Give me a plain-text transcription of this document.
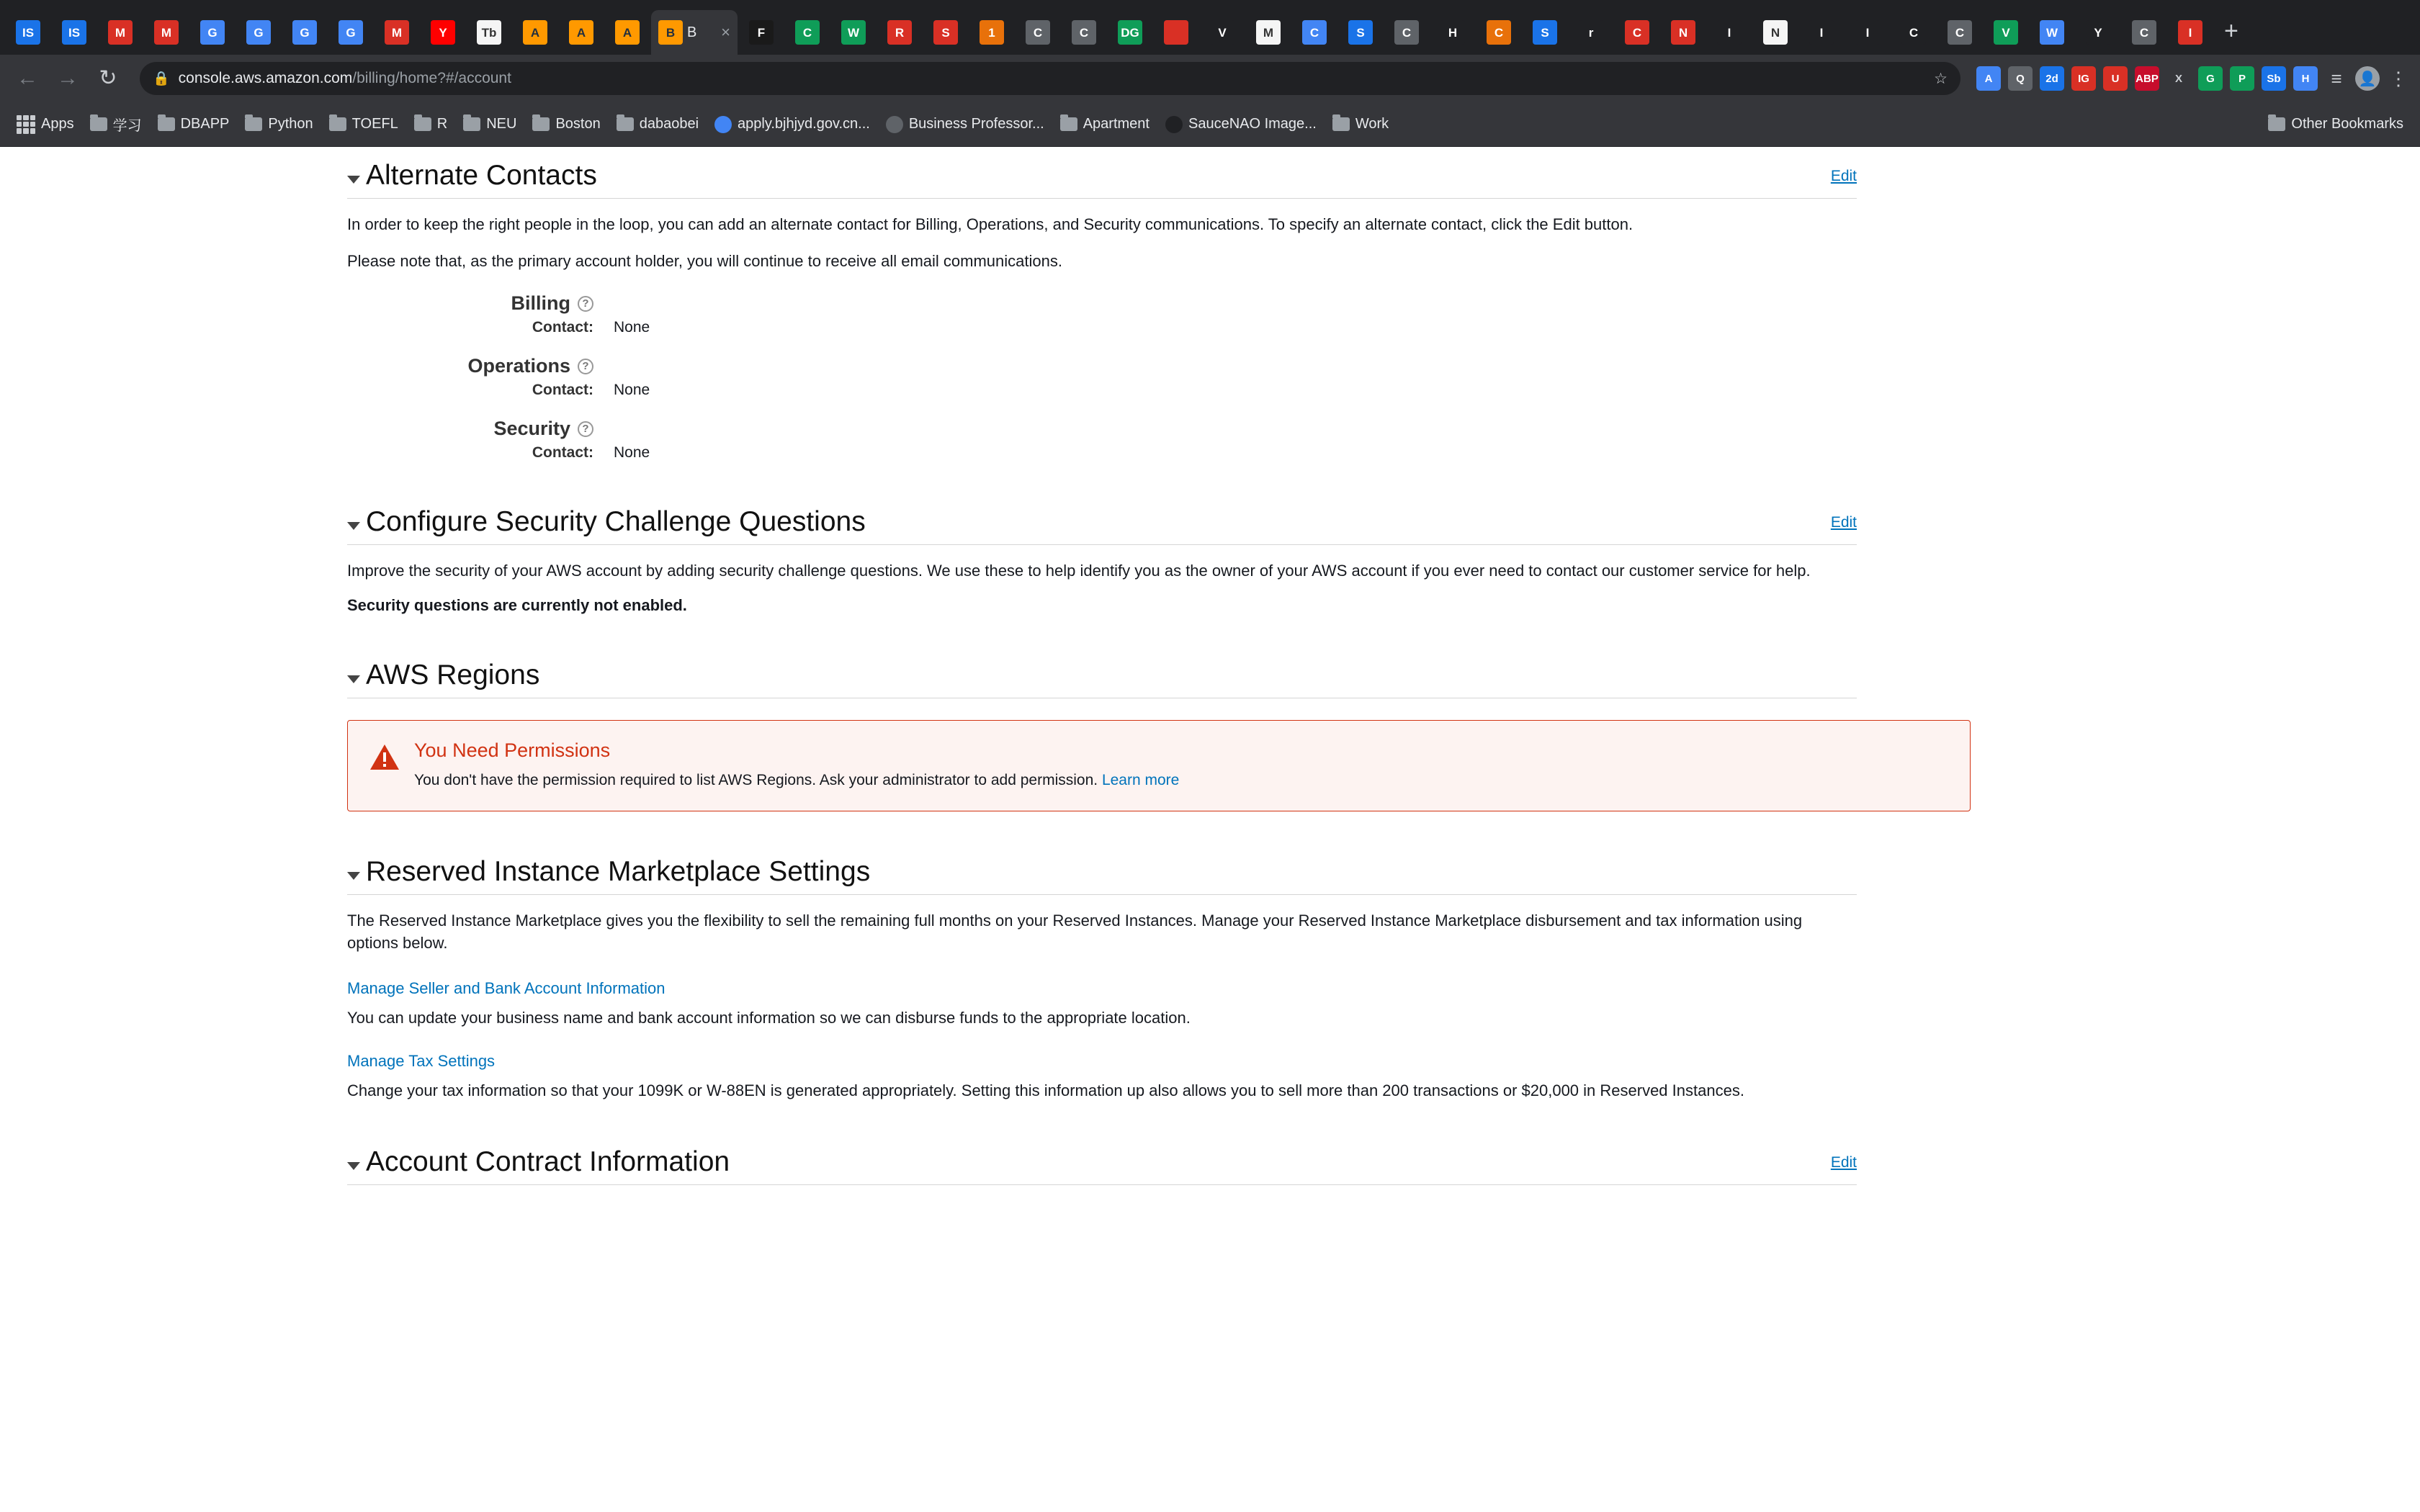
IS	IS	M	M	G	G	G	G	M	Y	Tb	A	A	A	B B ×	F	C	W	R	S	1	C	C	DG	V	M	C	S	C	H	C	S	r	C	N	I	N	I	I	C	C	V	W	Y	C	I	+
← → ↻	🔒 console.aws.amazon.com/billing/home?#/account	☆	A	Q	2d	IG	U	ABP	X	G	P	Sb	H	≡	👤 ⋮
Apps	学习	DBAPP	Python	TOEFL	R	NEU	Boston	dabaobei	apply.bjhjyd.gov.cn...	Business Professor...	Apartment	SauceNAO Image...	Work	Other Bookmarks
Alternate Contacts	Edit

In order to keep the right people in the loop, you can add an alternate contact for Billing, Operations, and Security communications. To specify an alternate contact, click the Edit button.

Please note that, as the primary account holder, you will continue to receive all email communications.

Billing ?
Contact: None
Operations ?
Contact: None
Security ?
Contact: None
Configure Security Challenge Questions	Edit

Improve the security of your AWS account by adding security challenge questions. We use these to help identify you as the owner of your AWS account if you ever need to contact our customer service for help.

Security questions are currently not enabled.

AWS Regions
You Need Permissions
You don't have the permission required to list AWS Regions. Ask your administrator to add permission. Learn more
Reserved Instance Marketplace Settings

The Reserved Instance Marketplace gives you the flexibility to sell the remaining full months on your Reserved Instances. Manage your Reserved Instance Marketplace disbursement and tax information using options below.

Manage Seller and Bank Account Information

You can update your business name and bank account information so we can disburse funds to the appropriate location.

Manage Tax Settings

Change your tax information so that your 1099K or W-88EN is generated appropriately. Setting this information up also allows you to sell more than 200 transactions or $20,000 in Reserved Instances.

Account Contract Information	Edit
